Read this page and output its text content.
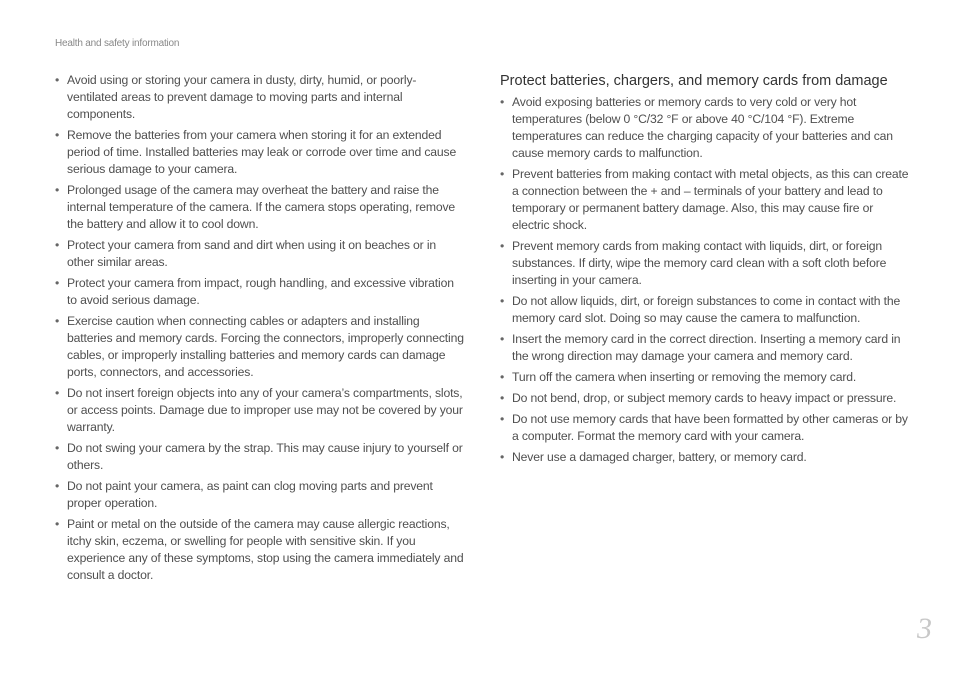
Health and safety information
• Avoid using or storing your camera in dusty, dirty, humid, or poorly-ventilated areas to prevent damage to moving parts and internal components.
• Remove the batteries from your camera when storing it for an extended period of time. Installed batteries may leak or corrode over time and cause serious damage to your camera.
• Prolonged usage of the camera may overheat the battery and raise the internal temperature of the camera. If the camera stops operating, remove the battery and allow it to cool down.
• Protect your camera from sand and dirt when using it on beaches or in other similar areas.
• Protect your camera from impact, rough handling, and excessive vibration to avoid serious damage.
• Exercise caution when connecting cables or adapters and installing batteries and memory cards. Forcing the connectors, improperly connecting cables, or improperly installing batteries and memory cards can damage ports, connectors, and accessories.
• Do not insert foreign objects into any of your camera’s compartments, slots, or access points. Damage due to improper use may not be covered by your warranty.
• Do not swing your camera by the strap. This may cause injury to yourself or others.
• Do not paint your camera, as paint can clog moving parts and prevent proper operation.
• Paint or metal on the outside of the camera may cause allergic reactions, itchy skin, eczema, or swelling for people with sensitive skin. If you experience any of these symptoms, stop using the camera immediately and consult a doctor.
Protect batteries, chargers, and memory cards from damage
• Avoid exposing batteries or memory cards to very cold or very hot temperatures (below 0 °C/32 °F or above 40 °C/104 °F). Extreme temperatures can reduce the charging capacity of your batteries and can cause memory cards to malfunction.
• Prevent batteries from making contact with metal objects, as this can create a connection between the + and – terminals of your battery and lead to temporary or permanent battery damage. Also, this may cause fire or electric shock.
• Prevent memory cards from making contact with liquids, dirt, or foreign substances. If dirty, wipe the memory card clean with a soft cloth before inserting in your camera.
• Do not allow liquids, dirt, or foreign substances to come in contact with the memory card slot. Doing so may cause the camera to malfunction.
• Insert the memory card in the correct direction. Inserting a memory card in the wrong direction may damage your camera and memory card.
• Turn off the camera when inserting or removing the memory card.
• Do not bend, drop, or subject memory cards to heavy impact or pressure.
• Do not use memory cards that have been formatted by other cameras or by a computer. Format the memory card with your camera.
• Never use a damaged charger, battery, or memory card.
3
